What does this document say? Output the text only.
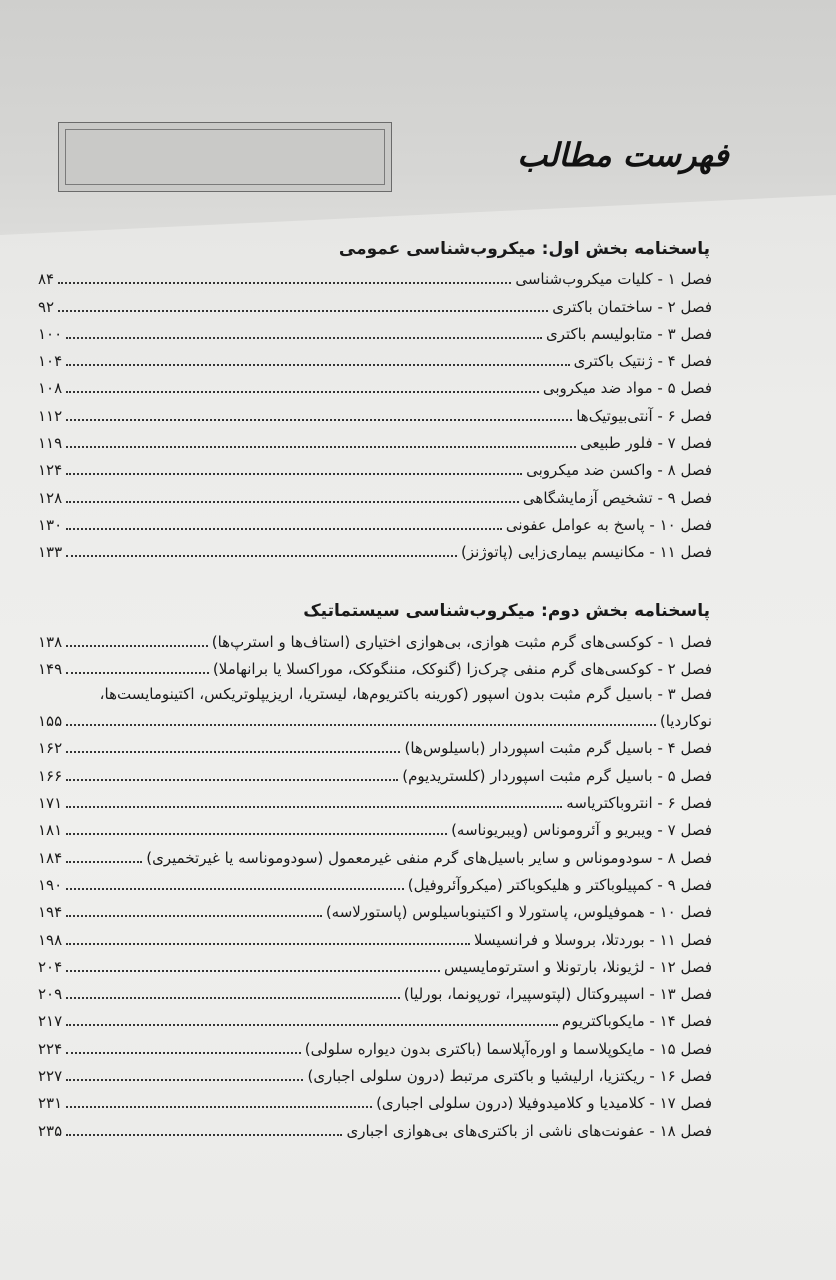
فهرست مطالب
پاسخنامه بخش اول: میکروب‌شناسی عمومی
فصل ۱ - کلیات میکروب‌شناسی
۸۴
فصل ۲ - ساختمان باکتری
۹۲
فصل ۳ - متابولیسم باکتری
۱۰۰
فصل ۴ - ژنتیک باکتری
۱۰۴
فصل ۵ - مواد ضد میکروبی
۱۰۸
فصل ۶ - آنتی‌بیوتیک‌ها
۱۱۲
فصل ۷ - فلور طبیعی
۱۱۹
فصل ۸ - واکسن ضد میکروبی
۱۲۴
فصل ۹ - تشخیص آزمایشگاهی
۱۲۸
فصل ۱۰ - پاسخ به عوامل عفونی
۱۳۰
فصل ۱۱ - مکانیسم بیماری‌زایی (پاتوژنز)
۱۳۳
پاسخنامه بخش دوم: میکروب‌شناسی سیستماتیک
فصل ۱ - کوکسی‌های گرم مثبت هوازی، بی‌هوازی اختیاری (استاف‌ها و استرپ‌ها)
۱۳۸
فصل ۲ - کوکسی‌های گرم منفی چرک‌زا (گنوکک، مننگوکک، موراکسلا یا برانهاملا)
۱۴۹
فصل ۳ - باسیل گرم مثبت بدون اسپور (کورینه باکتریوم‌ها، لیستریا، اریزیپلوتریکس، اکتینومایست‌ها،
نوکاردیا)
۱۵۵
فصل ۴ - باسیل گرم مثبت اسپوردار (باسیلوس‌ها)
۱۶۲
فصل ۵ - باسیل گرم مثبت اسپوردار (کلستریدیوم)
۱۶۶
فصل ۶ - انتروباکتریاسه
۱۷۱
فصل ۷ - ویبریو و آئروموناس (ویبریوناسه)
۱۸۱
فصل ۸ - سودوموناس و سایر باسیل‌های گرم منفی غیرمعمول (سودوموناسه یا غیرتخمیری)
۱۸۴
فصل ۹ - کمپیلوباکتر و هلیکوباکتر (میکروآئروفیل)
۱۹۰
فصل ۱۰ - هموفیلوس، پاستورلا و اکتینوباسیلوس (پاستورلاسه)
۱۹۴
فصل ۱۱ - بوردتلا، بروسلا و فرانسیسلا
۱۹۸
فصل ۱۲ - لژیونلا، بارتونلا و استرتومایسیس
۲۰۴
فصل ۱۳ - اسپیروکتال (لپتوسپیرا، تورپونما، بورلیا)
۲۰۹
فصل ۱۴ - مایکوباکتریوم
۲۱۷
فصل ۱۵ - مایکوپلاسما و اوره‌آپلاسما (باکتری بدون دیواره سلولی)
۲۲۴
فصل ۱۶ - ریکتزیا، ارلیشیا و باکتری مرتبط (درون سلولی اجباری)
۲۲۷
فصل ۱۷ - کلامیدیا و کلامیدوفیلا (درون سلولی اجباری)
۲۳۱
فصل ۱۸ - عفونت‌های ناشی از باکتری‌های بی‌هوازی اجباری
۲۳۵
